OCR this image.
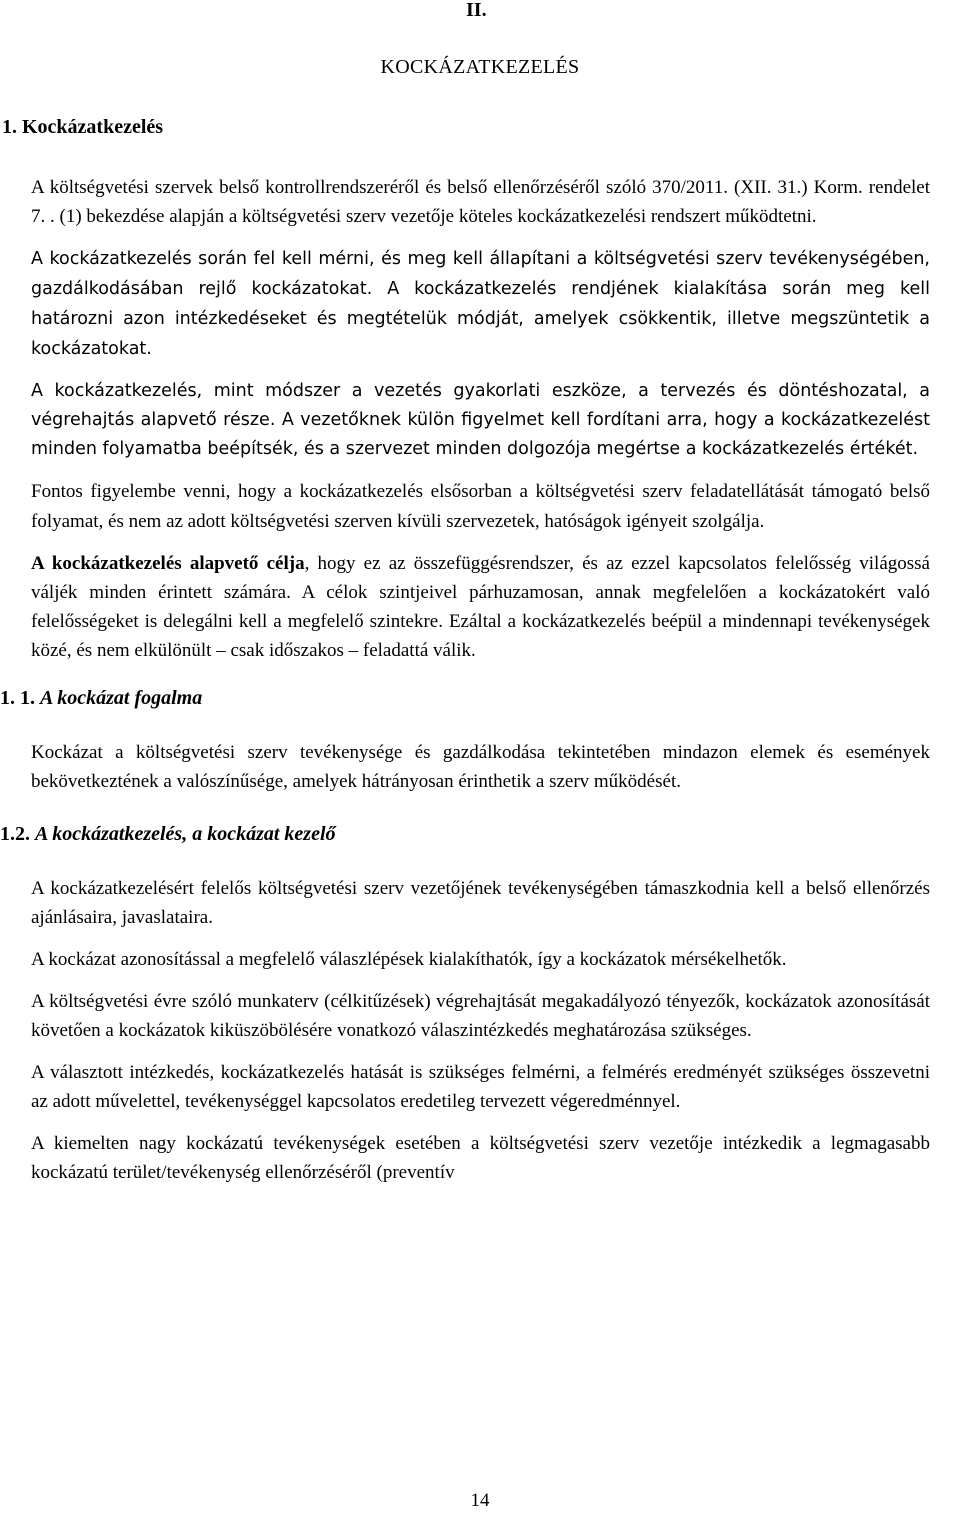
II.
KOCKÁZATKEZELÉS
1. Kockázatkezelés

A költségvetési szervek belső kontrollrendszeréről és belső ellenőrzéséről szóló 370/2011. (XII. 31.) Korm. rendelet 7. . (1) bekezdése alapján a költségvetési szerv vezetője köteles kockázatkezelési rendszert működtetni.

A kockázatkezelés során fel kell mérni, és meg kell állapítani a költségvetési szerv tevékenységében, gazdálkodásában rejlő kockázatokat. A kockázatkezelés rendjének kialakítása során meg kell határozni azon intézkedéseket és megtételük módját, amelyek csökkentik, illetve megszüntetik a kockázatokat.

A kockázatkezelés, mint módszer a vezetés gyakorlati eszköze, a tervezés és döntéshozatal, a végrehajtás alapvető része. A vezetőknek külön figyelmet kell fordítani arra, hogy a kockázatkezelést minden folyamatba beépítsék, és a szervezet minden dolgozója megértse a kockázatkezelés értékét.

Fontos figyelembe venni, hogy a kockázatkezelés elsősorban a költségvetési szerv feladatellátását támogató belső folyamat, és nem az adott költségvetési szerven kívüli szervezetek, hatóságok igényeit szolgálja.

A kockázatkezelés alapvető célja, hogy ez az összefüggésrendszer, és az ezzel kapcsolatos felelősség világossá váljék minden érintett számára. A célok szintjeivel párhuzamosan, annak megfelelően a kockázatokért való felelősségeket is delegálni kell a megfelelő szintekre. Ezáltal a kockázatkezelés beépül a mindennapi tevékenységek közé, és nem elkülönült – csak időszakos – feladattá válik.

1. 1. A kockázat fogalma

Kockázat a költségvetési szerv tevékenysége és gazdálkodása tekintetében mindazon elemek és események bekövetkeztének a valószínűsége, amelyek hátrányosan érinthetik a szerv működését.

1.2. A kockázatkezelés, a kockázat kezelő

A kockázatkezelésért felelős költségvetési szerv vezetőjének tevékenységében támaszkodnia kell a belső ellenőrzés ajánlásaira, javaslataira.

A kockázat azonosítással a megfelelő válaszlépések kialakíthatók, így a kockázatok mérsékelhetők.

A költségvetési évre szóló munkaterv (célkitűzések) végrehajtását megakadályozó tényezők, kockázatok azonosítását követően a kockázatok kiküszöbölésére vonatkozó válaszintézkedés meghatározása szükséges.

A választott intézkedés, kockázatkezelés hatását is szükséges felmérni, a felmérés eredményét szükséges összevetni az adott művelettel, tevékenységgel kapcsolatos eredetileg tervezett végeredménnyel.

A kiemelten nagy kockázatú tevékenységek esetében a költségvetési szerv vezetője intézkedik a legmagasabb kockázatú terület/tevékenység ellenőrzéséről (preventív

14
